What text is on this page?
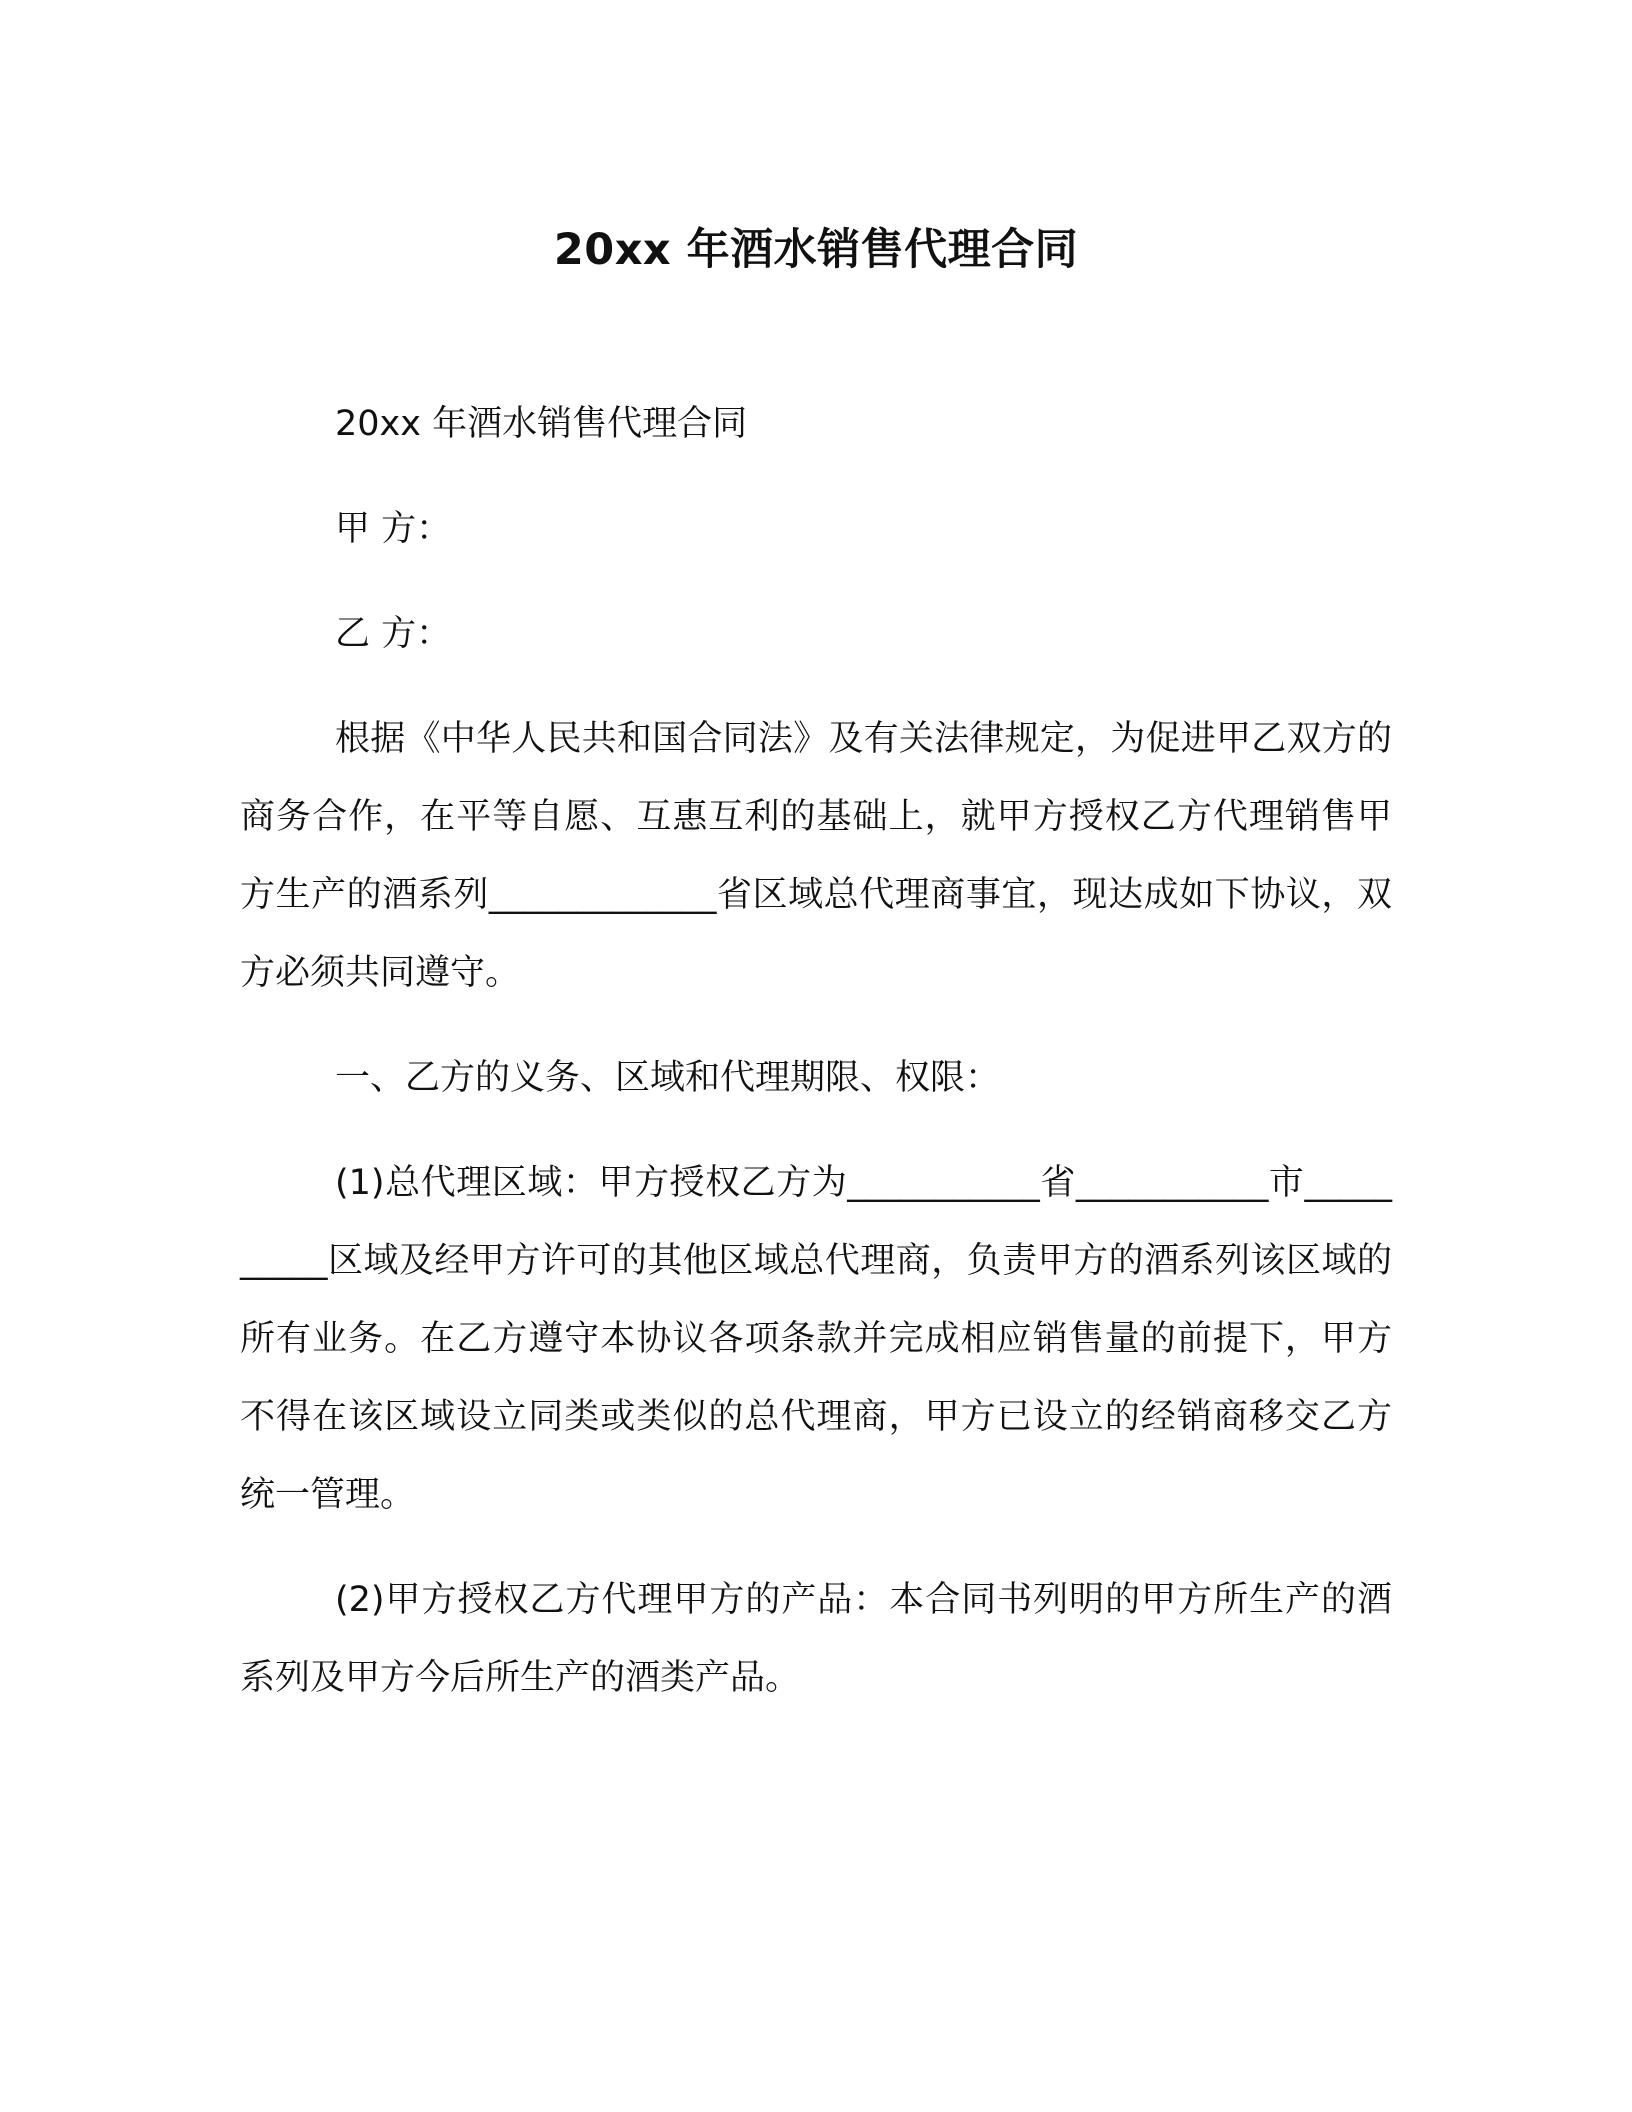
20xx 年酒水销售代理合同

20xx 年酒水销售代理合同

甲 方：

乙 方：

根据《中华人民共和国合同法》及有关法律规定，为促进甲乙双方的商务合作，在平等自愿、互惠互利的基础上，就甲方授权乙方代理销售甲方生产的酒系列_____________省区域总代理商事宜，现达成如下协议，双方必须共同遵守。

一、乙方的义务、区域和代理期限、权限：

(1)总代理区域：甲方授权乙方为___________省___________市__________区域及经甲方许可的其他区域总代理商，负责甲方的酒系列该区域的所有业务。在乙方遵守本协议各项条款并完成相应销售量的前提下，甲方不得在该区域设立同类或类似的总代理商，甲方已设立的经销商移交乙方统一管理。

(2)甲方授权乙方代理甲方的产品：本合同书列明的甲方所生产的酒系列及甲方今后所生产的酒类产品。
